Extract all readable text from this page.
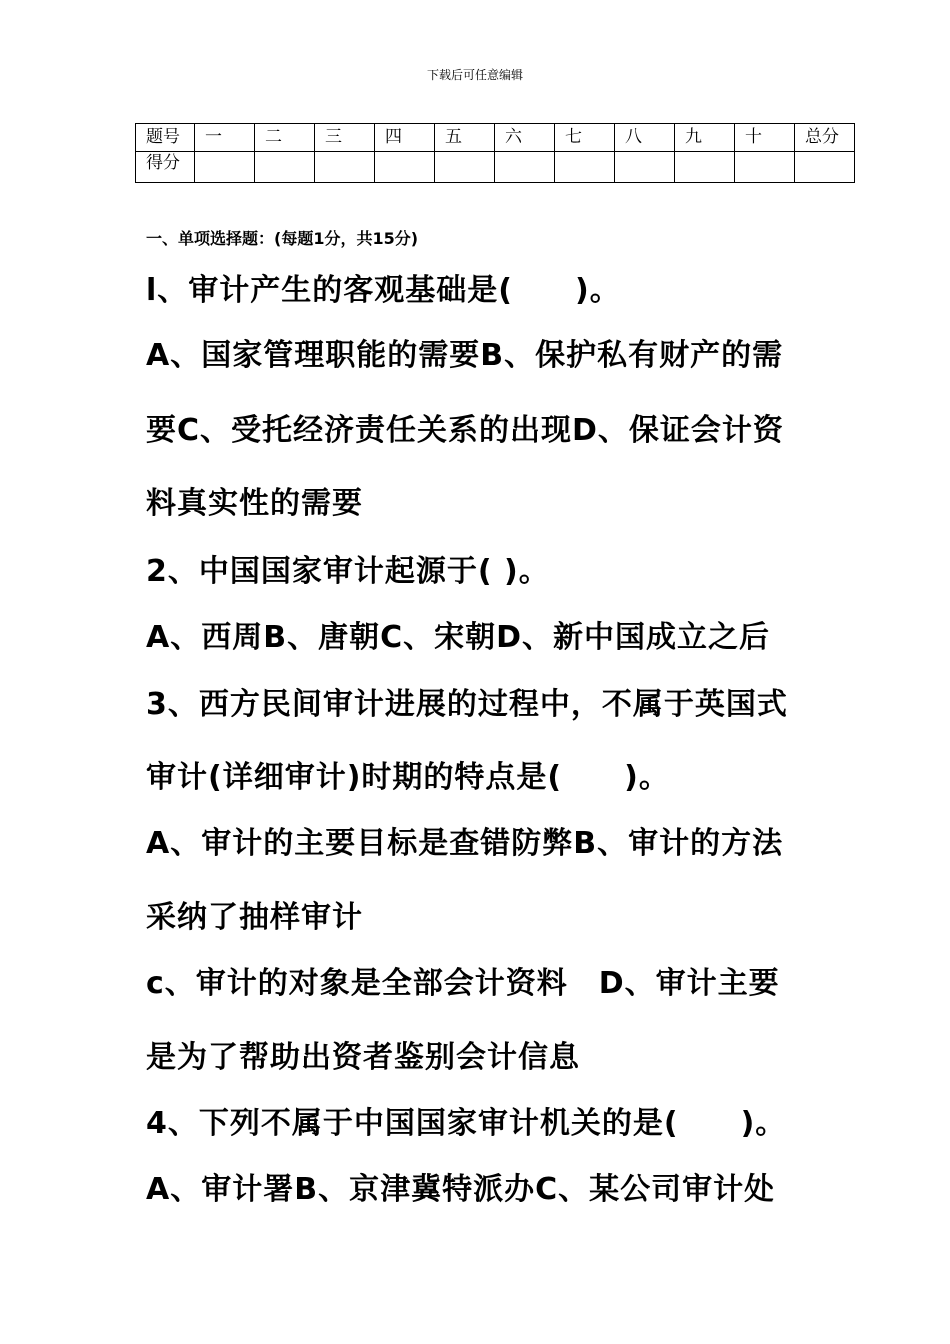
下载后可任意编辑
题号	一	二	三	四	五	六	七	八	九	十	总分
得分											
一、单项选择题：(每题1分，共15分)
l、审计产生的客观基础是(　　)。
A、国家管理职能的需要B、保护私有财产的需
要C、受托经济责任关系的出现D、保证会计资
料真实性的需要
2、中国国家审计起源于( )。
A、西周B、唐朝C、宋朝D、新中国成立之后
3、西方民间审计进展的过程中，不属于英国式
审计(详细审计)时期的特点是(　　)。
A、审计的主要目标是查错防弊B、审计的方法
采纳了抽样审计
c、审计的对象是全部会计资料　D、审计主要
是为了帮助出资者鉴别会计信息
4、下列不属于中国国家审计机关的是(　　)。
A、审计署B、京津冀特派办C、某公司审计处
